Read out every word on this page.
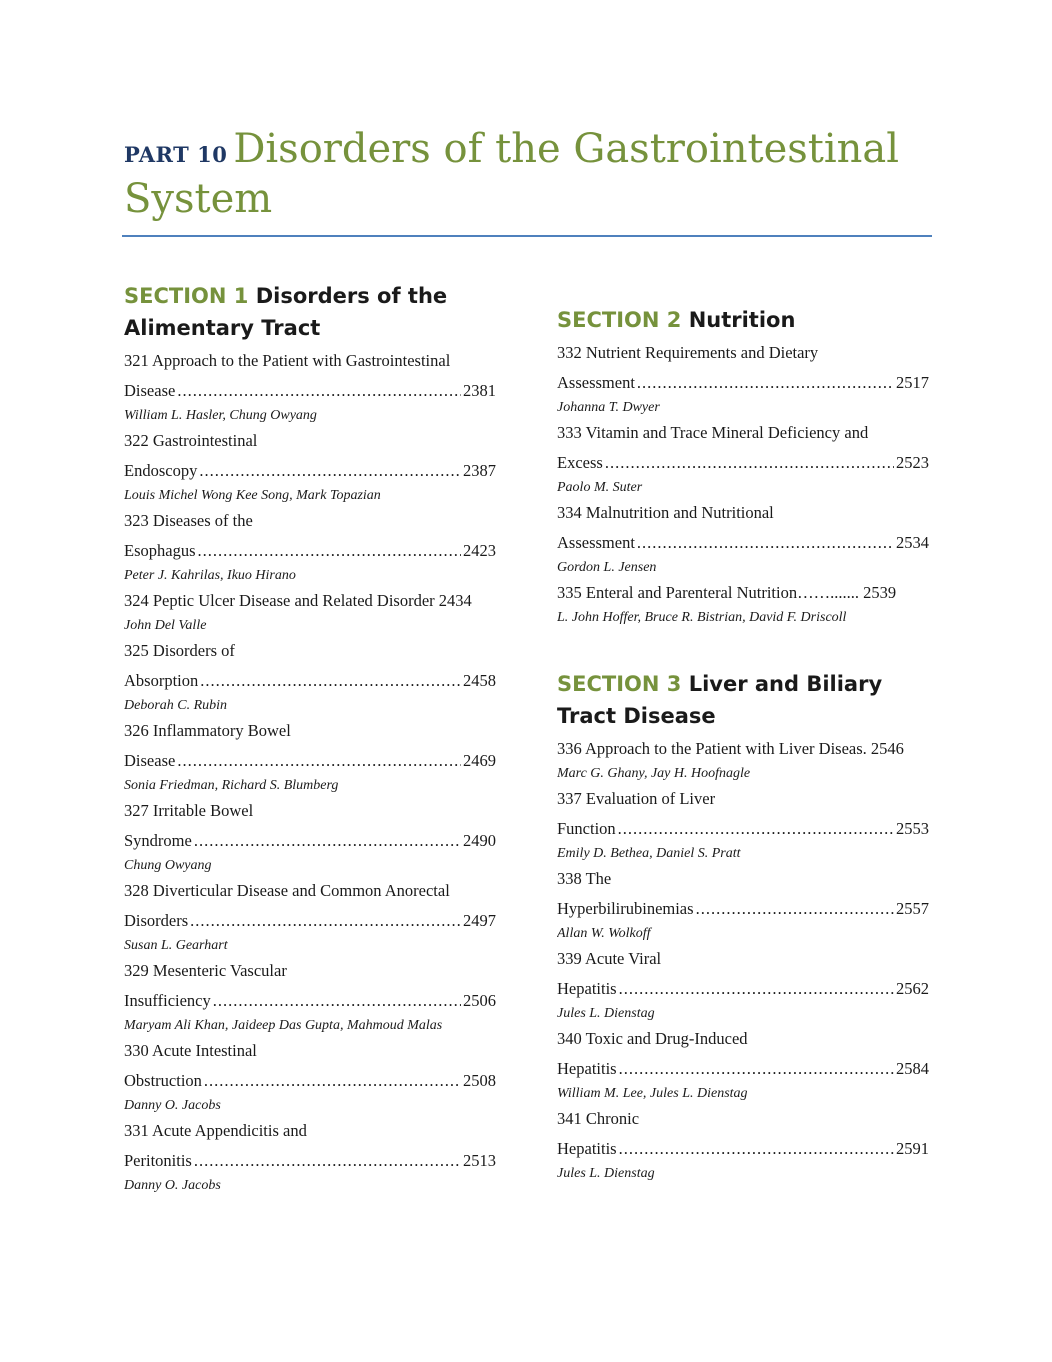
PART 10 Disorders of the Gastrointestinal System
SECTION 1 Disorders of the Alimentary Tract
321 Approach to the Patient with Gastrointestinal
Disease .....	2381
William L. Hasler, Chung Owyang
322 Gastrointestinal
Endoscopy .....	2387
Louis Michel Wong Kee Song, Mark Topazian
323 Diseases of the
Esophagus .....	2423
Peter J. Kahrilas, Ikuo Hirano
324 Peptic Ulcer Disease and Related Disorder 2434
John Del Valle
325 Disorders of
Absorption .....	2458
Deborah C. Rubin
326 Inflammatory Bowel
Disease .....	2469
Sonia Friedman, Richard S. Blumberg
327 Irritable Bowel
Syndrome .....	2490
Chung Owyang
328 Diverticular Disease and Common Anorectal
Disorders .....	2497
Susan L. Gearhart
329 Mesenteric Vascular
Insufficiency .....	2506
Maryam Ali Khan, Jaideep Das Gupta, Mahmoud Malas
330 Acute Intestinal
Obstruction .....	2508
Danny O. Jacobs
331 Acute Appendicitis and
Peritonitis .....	2513
Danny O. Jacobs
SECTION 2 Nutrition
332 Nutrient Requirements and Dietary
Assessment .....	2517
Johanna T. Dwyer
333 Vitamin and Trace Mineral Deficiency and
Excess .....	2523
Paolo M. Suter
334 Malnutrition and Nutritional
Assessment .....	2534
Gordon L. Jensen
335 Enteral and Parenteral Nutrition……....... 2539
L. John Hoffer, Bruce R. Bistrian, David F. Driscoll
SECTION 3 Liver and Biliary Tract Disease
336 Approach to the Patient with Liver Diseas. 2546
Marc G. Ghany, Jay H. Hoofnagle
337 Evaluation of Liver
Function .....	2553
Emily D. Bethea, Daniel S. Pratt
338 The
Hyperbilirubinemias .....	2557
Allan W. Wolkoff
339 Acute Viral
Hepatitis .....	2562
Jules L. Dienstag
340 Toxic and Drug-Induced
Hepatitis .....	2584
William M. Lee, Jules L. Dienstag
341 Chronic
Hepatitis .....	2591
Jules L. Dienstag
